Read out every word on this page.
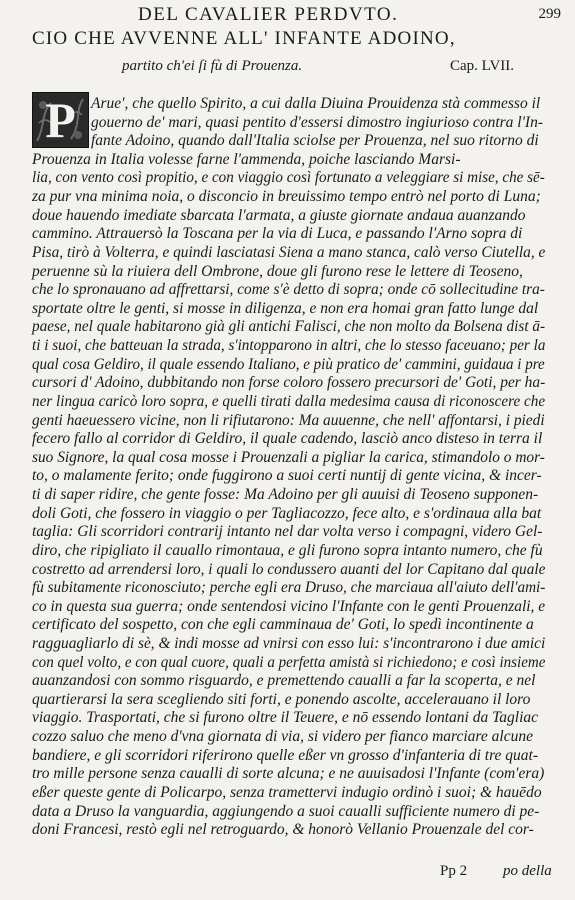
DEL CAVALIER PERDVTO.	299
CIO CHE AVVENNE ALL' INFANTE ADOINO,
partito ch'ei ſi fù di Prouenza.	Cap. LVII.
P Arue', che quello Spirito, a cui dalla Diuina Prouidenza stà commesso il

gouerno de' mari, quasi pentito d'essersi dimostro ingiurioso contra l'In-

fante Adoino, quando dall'Italia sciolse per Prouenza, nel suo ritorno di

Prouenza in Italia volesse farne l'ammenda, poiche lasciando Marsi-

lia, con vento così propitio, e con viaggio così fortunato a veleggiare si mise, che sē-

za pur vna minima noia, o disconcio in breuissimo tempo entrò nel porto di Luna;

doue hauendo imediate sbarcata l'armata, a giuste giornate andaua auanzando

cammino. Attrauersò la Toscana per la via di Luca, e passando l'Arno sopra di

Pisa, tirò à Volterra, e quindi lasciatasi Siena a mano stanca, calò verso Ciutella, e

peruenne sù la riuiera dell Ombrone, doue gli furono rese le lettere di Teoseno,

che lo spronauano ad affrettarsi, come s'è detto di sopra; onde cō sollecitudine tra-

sportate oltre le genti, si mosse in diligenza, e non era homai gran fatto lunge dal

paese, nel quale habitarono già gli antichi Falisci, che non molto da Bolsena dist ā-

ti i suoi, che batteuan la strada, s'intopparono in altri, che lo stesso faceuano; per la

qual cosa Geldiro, il quale essendo Italiano, e più pratico de' cammini, guidaua i pre

cursori d' Adoino, dubbitando non forse coloro fossero precursori de' Goti, per ha-

ner lingua caricò loro sopra, e quelli tirati dalla medesima causa di riconoscere che

genti haeuessero vicine, non li rifiutarono: Ma auuenne, che nell' affontarsi, i piedi

fecero fallo al corridor di Geldiro, il quale cadendo, lasciò anco disteso in terra il

suo Signore, la qual cosa mosse i Prouenzali a pigliar la carica, stimandolo o mor-

to, o malamente ferito; onde fuggirono a suoi certi nuntij di gente vicina, & incer-

ti di saper ridire, che gente fosse: Ma Adoino per gli auuisi di Teoseno supponen-

doli Goti, che fossero in viaggio o per Tagliacozzo, fece alto, e s'ordinaua alla bat

taglia: Gli scorridori contrarij intanto nel dar volta verso i compagni, videro Gel-

diro, che ripigliato il cauallo rimontaua, e gli furono sopra intanto numero, che fù

costretto ad arrendersi loro, i quali lo condussero auanti del lor Capitano dal quale

fù subitamente riconosciuto; perche egli era Druso, che marciaua all'aiuto dell'ami-

co in questa sua guerra; onde sentendosi vicino l'Infante con le genti Prouenzali, e

certificato del sospetto, con che egli camminaua de' Goti, lo spedì incontinente a

ragguagliarlo di sè, & indi mosse ad vnirsi con esso lui: s'incontrarono i due amici

con quel volto, e con qual cuore, quali a perfetta amistà si richiedono; e così insieme

auanzandosi con sommo risguardo, e premettendo caualli a far la scoperta, e nel

quartierarsi la sera scegliendo siti forti, e ponendo ascolte, accelerauano il loro

viaggio. Trasportati, che si furono oltre il Teuere, e nō essendo lontani da Tagliac

cozzo saluo che meno d'vna giornata di via, si videro per fianco marciare alcune

bandiere, e gli scorridori riferirono quelle eßer vn grosso d'infanteria di tre quat-

tro mille persone senza caualli di sorte alcuna; e ne auuisadosi l'Infante (com'era)

eßer queste gente di Policarpo, senza tramettervi indugio ordinò i suoi; & hauēdo

data a Druso la vanguardia, aggiungendo a suoi caualli sufficiente numero di pe-

doni Francesi, restò egli nel retroguardo, & honorò Vellanio Prouenzale del cor-

Pp 2 po della
